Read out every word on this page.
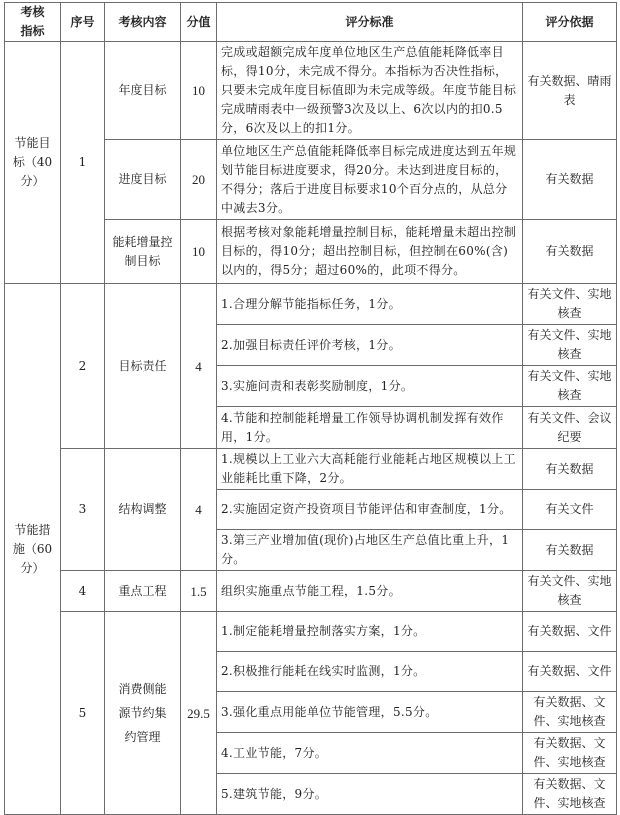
考核指标	序号	考核内容	分值	评分标准	评分依据
节能目标（40分）	1	年度目标	10	完成或超额完成年度单位地区生产总值能耗降低率目标，得10分，未完成不得分。本指标为否决性指标，只要未完成年度目标值即为未完成等级。年度节能目标完成晴雨表中一级预警3次及以上、6次以内的扣0.5分，6次及以上的扣1分。	有关数据、晴雨表
		进度目标	20	单位地区生产总值能耗降低率目标完成进度达到五年规划节能目标进度要求，得20分。未达到进度目标的，不得分；落后于进度目标要求10个百分点的，从总分中减去3分。	有关数据
		能耗增量控制目标	10	根据考核对象能耗增量控制目标，能耗增量未超出控制目标的，得10分；超出控制目标，但控制在60%(含)以内的，得5分；超过60%的，此项不得分。	有关数据
节能措施（60分）	2	目标责任	4	1.合理分解节能指标任务，1分。	有关文件、实地核查
				2.加强目标责任评价考核，1分。	有关文件、实地核查
				3.实施问责和表彰奖励制度，1分。	有关文件、实地核查
				4.节能和控制能耗增量工作领导协调机制发挥有效作用，1分。	有关文件、会议纪要
	3	结构调整	4	1.规模以上工业六大高耗能行业能耗占地区规模以上工业能耗比重下降，2分。	有关数据
				2.实施固定资产投资项目节能评估和审查制度，1分。	有关文件
				3.第三产业增加值(现价)占地区生产总值比重上升，1分。	有关数据
	4	重点工程	1.5	组织实施重点节能工程，1.5分。	有关文件、实地核查
	5	消费侧能源节约集约管理	29.5	1.制定能耗增量控制落实方案，1分。	有关数据、文件
				2.积极推行能耗在线实时监测，1分。	有关数据、文件
				3.强化重点用能单位节能管理，5.5分。	有关数据、文件、实地核查
				4.工业节能，7分。	有关数据、文件、实地核查
				5.建筑节能，9分。	有关数据、文件、实地核查
